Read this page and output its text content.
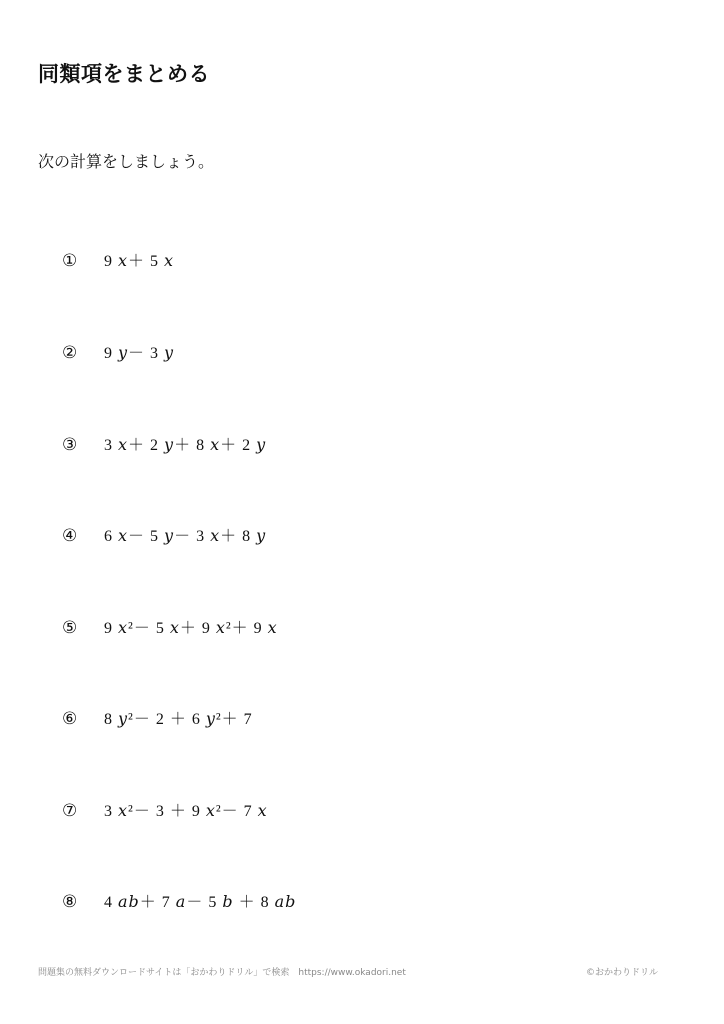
同類項をまとめる
次の計算をしましょう。
①	9 𝑥＋ 5 𝑥
②	9 𝑦－ 3 𝑦
③	3 𝑥＋ 2 𝑦＋ 8 𝑥＋ 2 𝑦
④	6 𝑥－ 5 𝑦－ 3 𝑥＋ 8 𝑦
⑤	9 𝑥²－ 5 𝑥＋ 9 𝑥²＋ 9 𝑥
⑥	8 𝑦²－ 2 ＋ 6 𝑦²＋ 7
⑦	3 𝑥²－ 3 ＋ 9 𝑥²－ 7 𝑥
⑧	4 𝑎𝑏＋ 7 𝑎－ 5 𝑏 ＋ 8 𝑎𝑏
問題集の無料ダウンロードサイトは「おかわりドリル」で検索　https://www.okadori.net	©おかわりドリル
